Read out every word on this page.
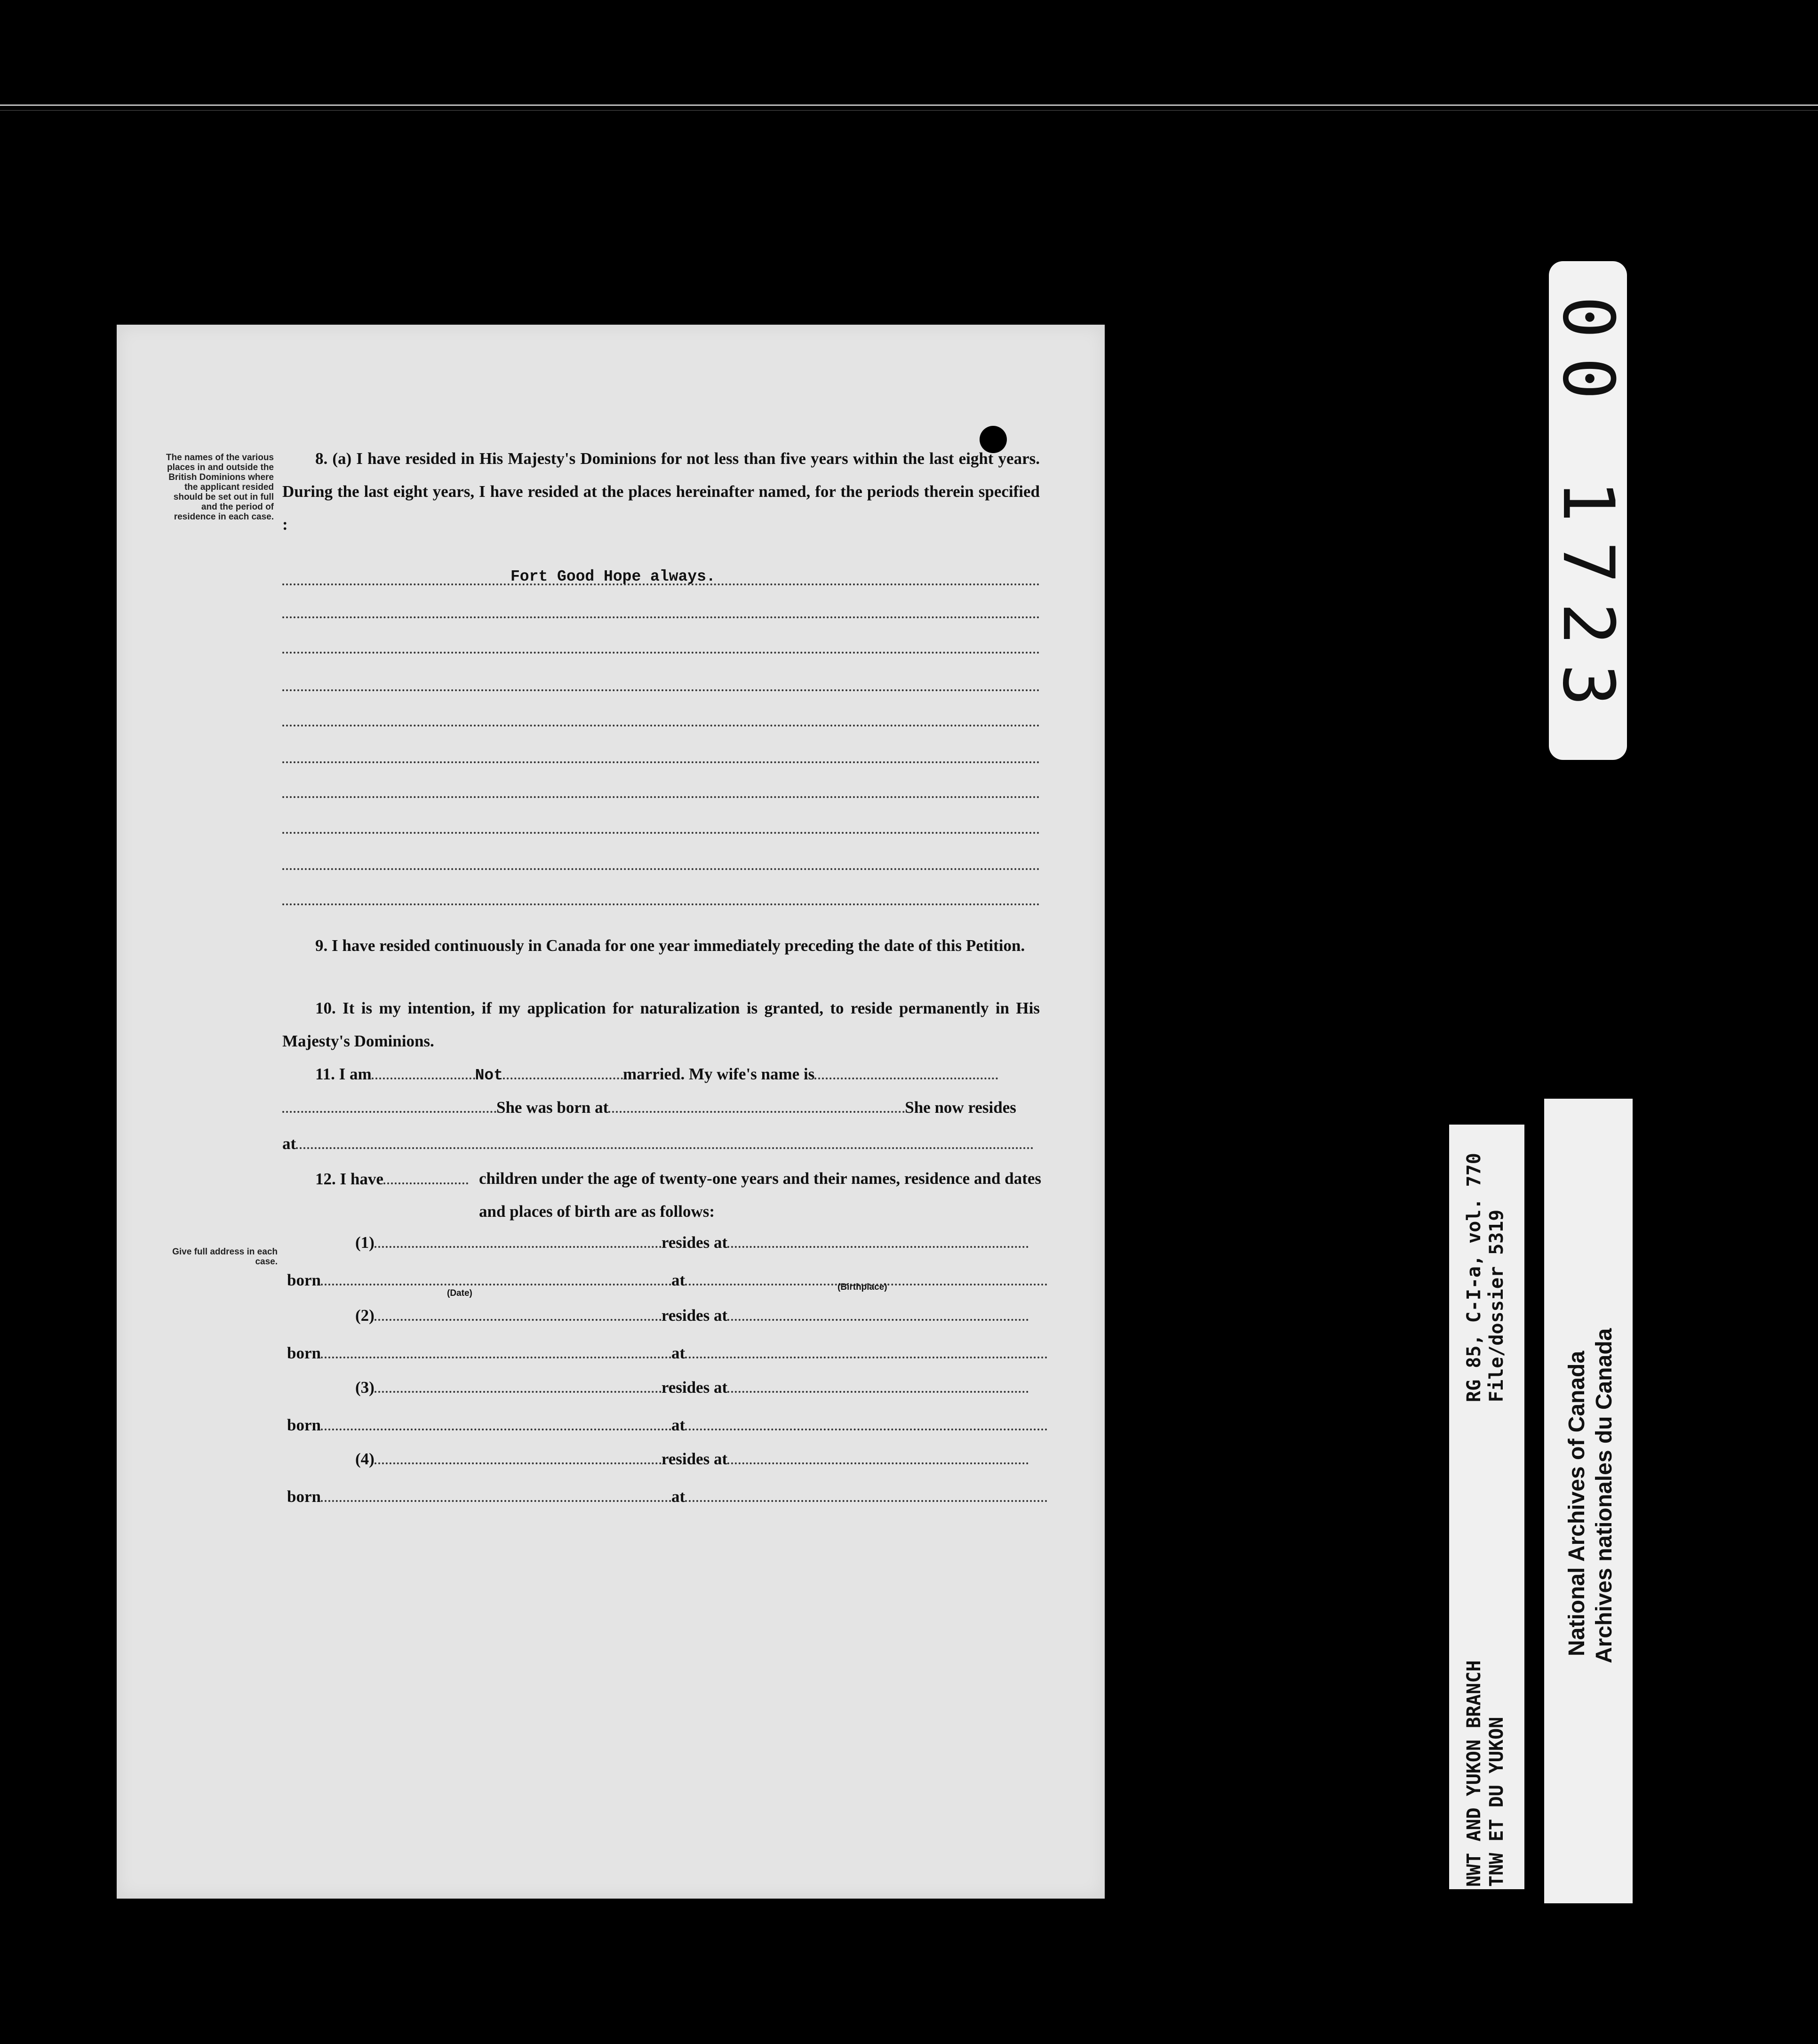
The names of the various places in and outside the British Dominions where the applicant resided should be set out in full and the period of residence in each case.
8. (a) I have resided in His Majesty's Dominions for not less than five years within the last eight years. During the last eight years, I have resided at the places hereinafter named, for the periods therein specified :
Fort Good Hope always.
9. I have resided continuously in Canada for one year immediately preceding the date of this Petition.
10. It is my intention, if my application for naturalization is granted, to reside permanently in His Majesty's Dominions.
11. I am	Not	married. My wife's name is
She was born at	She now resides
at
12. I have	children under the age of twenty-one years and their names, residence and dates and places of birth are as follows:
Give full address in each case.
(1)	resides at
born	at
(Date)
(Birthplace)
(2)	resides at
born	at
(3)	resides at
born	at
(4)	resides at
born	at
00 1723
RG 85, C-I-a, vol. 770 File/dossier 5319
NWT AND YUKON BRANCH TNW ET DU YUKON
National Archives of Canada Archives nationales du Canada
